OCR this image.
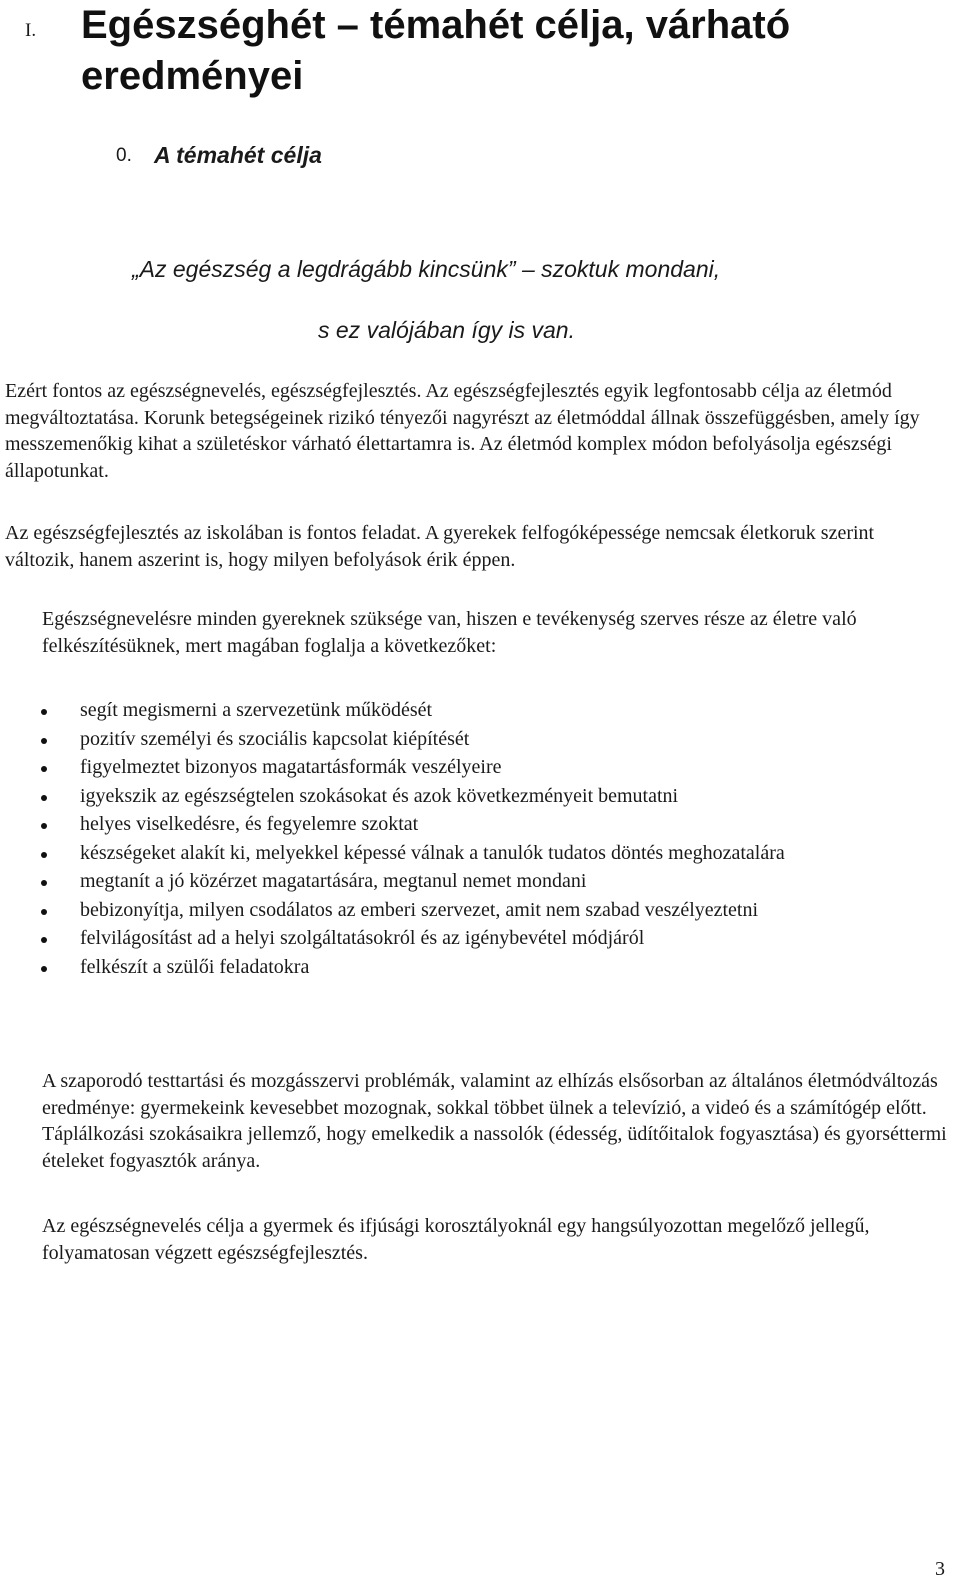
I. Egészséghét – témahét célja, várható eredményei
0. A témahét célja
„Az egészség a legdrágább kincsünk” – szoktuk mondani,
s ez valójában így is van.

Ezért fontos az egészségnevelés, egészségfejlesztés. Az egészségfejlesztés egyik legfontosabb célja az életmód megváltoztatása. Korunk betegségeinek rizikó tényezői nagyrészt az életmóddal állnak összefüggésben, amely így messzemenőkig kihat a születéskor várható élettartamra is. Az életmód komplex módon befolyásolja egészségi állapotunkat.

Az egészségfejlesztés az iskolában is fontos feladat. A gyerekek felfogóképessége nemcsak életkoruk szerint változik, hanem aszerint is, hogy milyen befolyások érik éppen.

Egészségnevelésre minden gyereknek szüksége van, hiszen e tevékenység szerves része az életre való felkészítésüknek, mert magában foglalja a következőket:

segít megismerni a szervezetünk működését
pozitív személyi és szociális kapcsolat kiépítését
figyelmeztet bizonyos magatartásformák veszélyeire
igyekszik az egészségtelen szokásokat és azok következményeit bemutatni
helyes viselkedésre, és fegyelemre szoktat
készségeket alakít ki, melyekkel képessé válnak a tanulók tudatos döntés meghozatalára
megtanít a jó közérzet magatartására, megtanul nemet mondani
bebizonyítja, milyen csodálatos az emberi szervezet, amit nem szabad veszélyeztetni
felvilágosítást ad a helyi szolgáltatásokról és az igénybevétel módjáról
felkészít a szülői feladatokra

A szaporodó testtartási és mozgásszervi problémák, valamint az elhízás elsősorban az általános életmódváltozás eredménye: gyermekeink kevesebbet mozognak, sokkal többet ülnek a televízió, a videó és a számítógép előtt. Táplálkozási szokásaikra jellemző, hogy emelkedik a nassolók (édesség, üdítőitalok fogyasztása) és gyorséttermi ételeket fogyasztók aránya.

Az egészségnevelés célja a gyermek és ifjúsági korosztályoknál egy hangsúlyozottan megelőző jellegű, folyamatosan végzett egészségfejlesztés.

3
